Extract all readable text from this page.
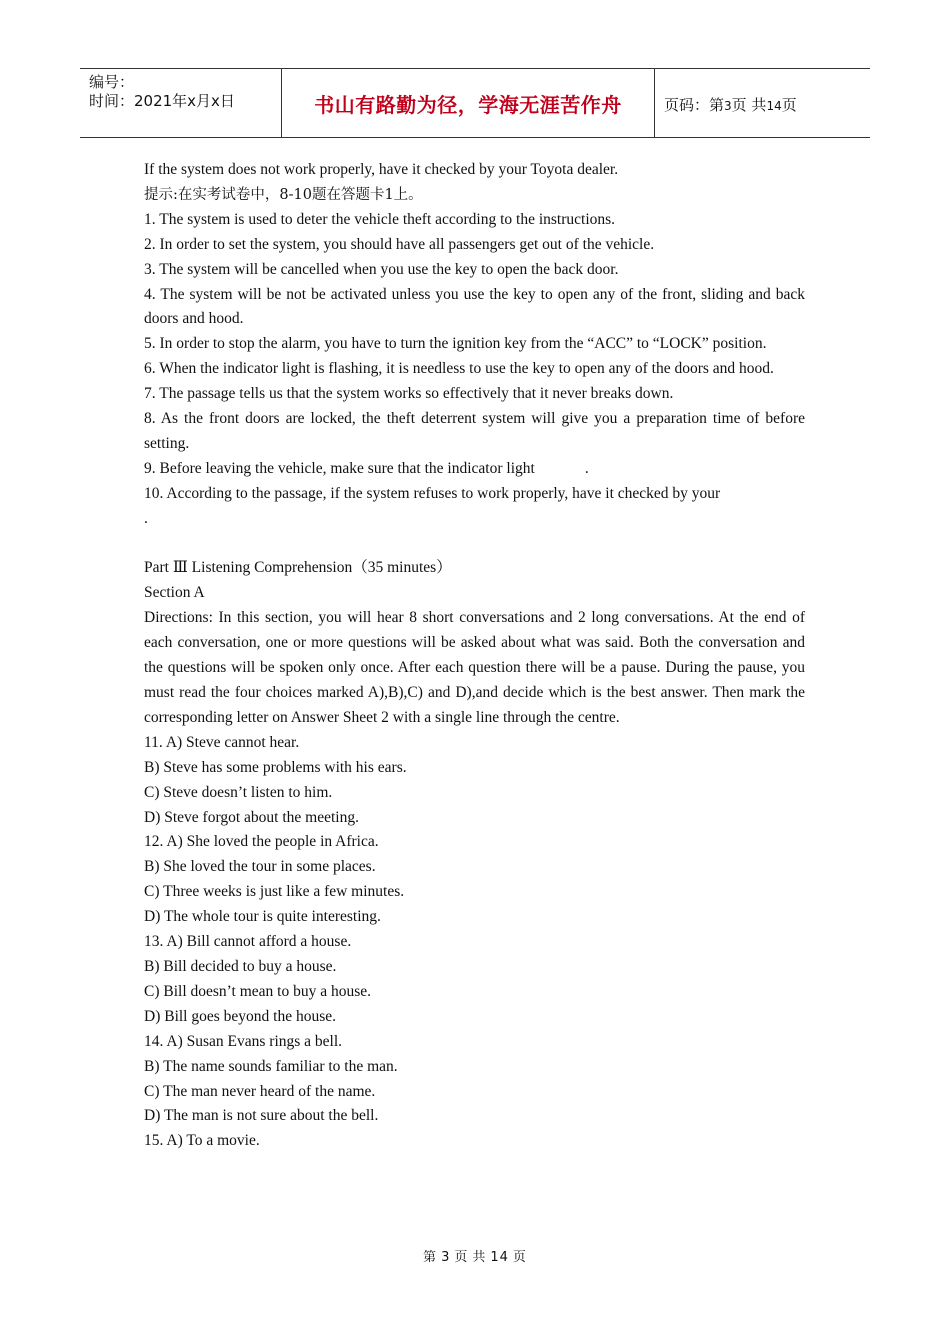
编号：
时间：2021年x月x日	书山有路勤为径，学海无涯苦作舟	页码：第3页 共14页

If the system does not work properly, have it checked by your Toyota dealer.

提示:在实考试卷中，8-10题在答题卡1上。

1. The system is used to deter the vehicle theft according to the instructions.

2. In order to set the system, you should have all passengers get out of the vehicle.

3. The system will be cancelled when you use the key to open the back door.

4. The system will be not be activated unless you use the key to open any of the front, sliding and back doors and hood.

5. In order to stop the alarm, you have to turn the ignition key from the “ACC” to “LOCK” position.

6. When the indicator light is flashing, it is needless to use the key to open any of the doors and hood.

7. The passage tells us that the system works so effectively that it never breaks down.

8. As the front doors are locked, the theft deterrent system will give you a preparation time of before setting.

9. Before leaving the vehicle, make sure that the indicator light	.

10. According to the passage, if the system refuses to work properly, have it checked by your

.

Part Ⅲ Listening Comprehension（35 minutes）

Section A

Directions: In this section, you will hear 8 short conversations and 2 long conversations. At the end of each conversation, one or more questions will be asked about what was said. Both the conversation and the questions will be spoken only once. After each question there will be a pause. During the pause, you must read the four choices marked A),B),C) and D),and decide which is the best answer. Then mark the corresponding letter on Answer Sheet 2 with a single line through the centre.

11. A) Steve cannot hear.

B) Steve has some problems with his ears.

C) Steve doesn’t listen to him.

D) Steve forgot about the meeting.

12. A) She loved the people in Africa.

B) She loved the tour in some places.

C) Three weeks is just like a few minutes.

D) The whole tour is quite interesting.

13. A) Bill cannot afford a house.

B) Bill decided to buy a house.

C) Bill doesn’t mean to buy a house.

D) Bill goes beyond the house.

14. A) Susan Evans rings a bell.

B) The name sounds familiar to the man.

C) The man never heard of the name.

D) The man is not sure about the bell.

15. A) To a movie.

第 3 页 共 14 页
